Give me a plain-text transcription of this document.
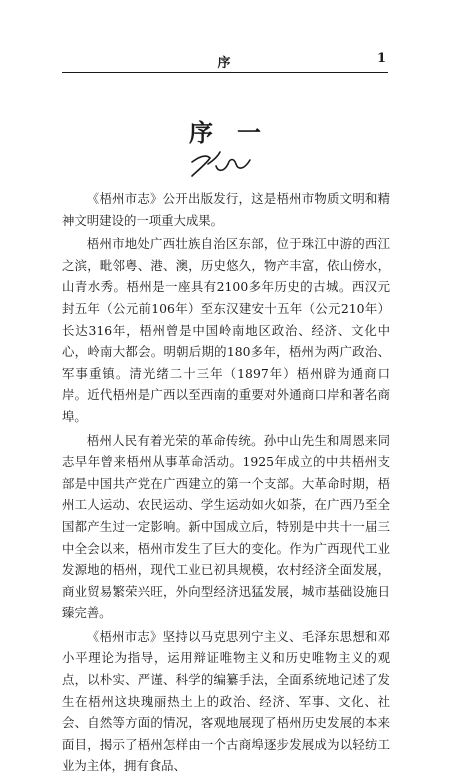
序	1
序一

《梧州市志》公开出版发行，这是梧州市物质文明和精神文明建设的一项重大成果。

梧州市地处广西壮族自治区东部，位于珠江中游的西江之滨，毗邻粤、港、澳，历史悠久，物产丰富，依山傍水，山青水秀。梧州是一座具有2100多年历史的古城。西汉元封五年（公元前106年）至东汉建安十五年（公元210年）长达316年，梧州曾是中国岭南地区政治、经济、文化中心，岭南大都会。明朝后期的180多年，梧州为两广政治、军事重镇。清光绪二十三年（1897年）梧州辟为通商口岸。近代梧州是广西以至西南的重要对外通商口岸和著名商埠。

梧州人民有着光荣的革命传统。孙中山先生和周恩来同志早年曾来梧州从事革命活动。1925年成立的中共梧州支部是中国共产党在广西建立的第一个支部。大革命时期，梧州工人运动、农民运动、学生运动如火如荼，在广西乃至全国都产生过一定影响。新中国成立后，特别是中共十一届三中全会以来，梧州市发生了巨大的变化。作为广西现代工业发源地的梧州，现代工业已初具规模，农村经济全面发展，商业贸易繁荣兴旺，外向型经济迅猛发展，城市基础设施日臻完善。

《梧州市志》坚持以马克思列宁主义、毛泽东思想和邓小平理论为指导，运用辩证唯物主义和历史唯物主义的观点，以朴实、严谨、科学的编纂手法，全面系统地记述了发生在梧州这块瑰丽热土上的政治、经济、军事、文化、社会、自然等方面的情况，客观地展现了梧州历史发展的本来面目，揭示了梧州怎样由一个古商埠逐步发展成为以轻纺工业为主体，拥有食品、
